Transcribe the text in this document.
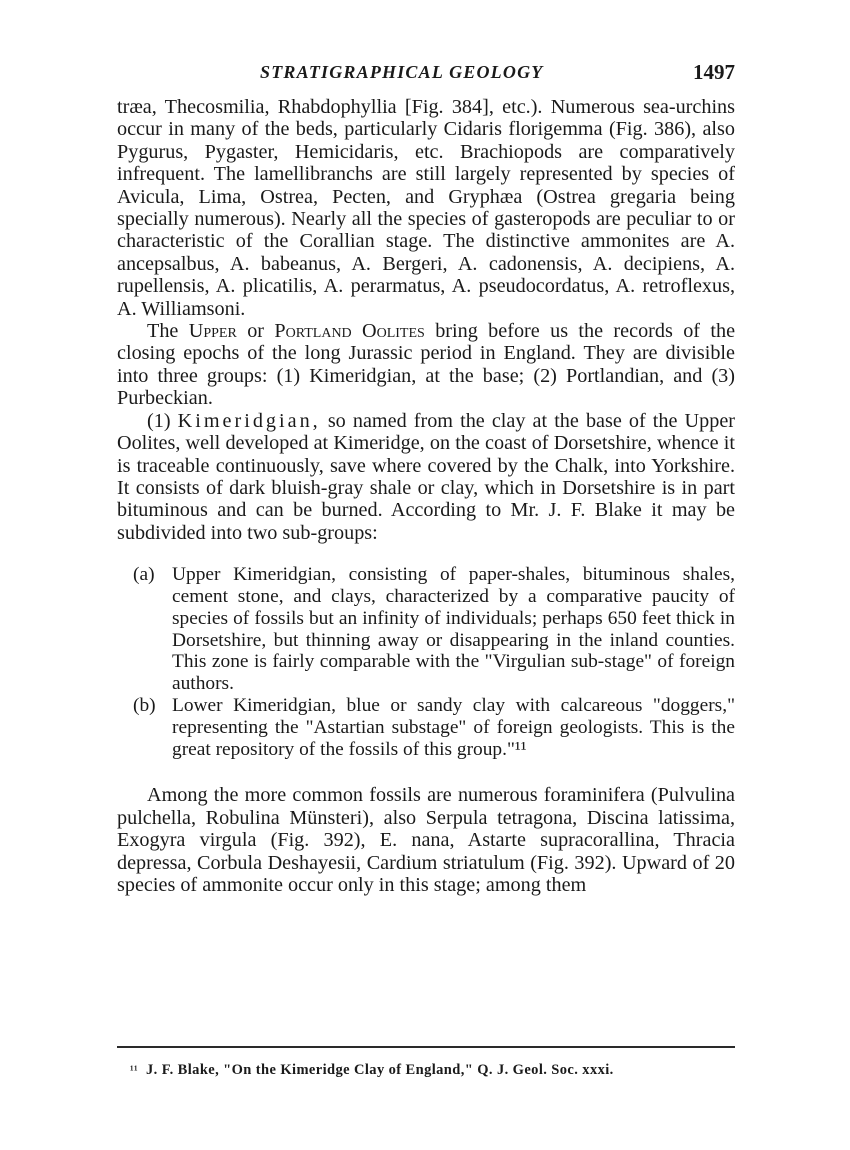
STRATIGRAPHICAL GEOLOGY	1497

træa, Thecosmilia, Rhabdophyllia [Fig. 384], etc.). Numerous sea-urchins occur in many of the beds, particularly Cidaris florigemma (Fig. 386), also Pygurus, Pygaster, Hemicidaris, etc. Brachiopods are comparatively infrequent. The lamellibranchs are still largely represented by species of Avicula, Lima, Ostrea, Pecten, and Gryphæa (Ostrea gregaria being specially numerous). Nearly all the species of gasteropods are peculiar to or characteristic of the Corallian stage. The distinctive ammonites are A. ancepsalbus, A. babeanus, A. Bergeri, A. cadonensis, A. decipiens, A. rupellensis, A. plicatilis, A. perarmatus, A. pseudocordatus, A. retroflexus, A. Williamsoni.

The Upper or Portland Oolites bring before us the records of the closing epochs of the long Jurassic period in England. They are divisible into three groups: (1) Kimeridgian, at the base; (2) Portlandian, and (3) Purbeckian.

(1) Kimeridgian, so named from the clay at the base of the Upper Oolites, well developed at Kimeridge, on the coast of Dorsetshire, whence it is traceable continuously, save where covered by the Chalk, into Yorkshire. It consists of dark bluish-gray shale or clay, which in Dorsetshire is in part bituminous and can be burned. According to Mr. J. F. Blake it may be subdivided into two sub-groups:

(a) Upper Kimeridgian, consisting of paper-shales, bituminous shales, cement stone, and clays, characterized by a comparative paucity of species of fossils but an infinity of individuals; perhaps 650 feet thick in Dorsetshire, but thinning away or disappearing in the inland counties. This zone is fairly comparable with the "Virgulian sub-stage" of foreign authors.
(b) Lower Kimeridgian, blue or sandy clay with calcareous "doggers," representing the "Astartian substage" of foreign geologists. This is the great repository of the fossils of this group."¹¹

Among the more common fossils are numerous foraminifera (Pulvulina pulchella, Robulina Münsteri), also Serpula tetragona, Discina latissima, Exogyra virgula (Fig. 392), E. nana, Astarte supracorallina, Thracia depressa, Corbula Deshayesii, Cardium striatulum (Fig. 392). Upward of 20 species of ammonite occur only in this stage; among them

¹¹ J. F. Blake, "On the Kimeridge Clay of England," Q. J. Geol. Soc. xxxi.
